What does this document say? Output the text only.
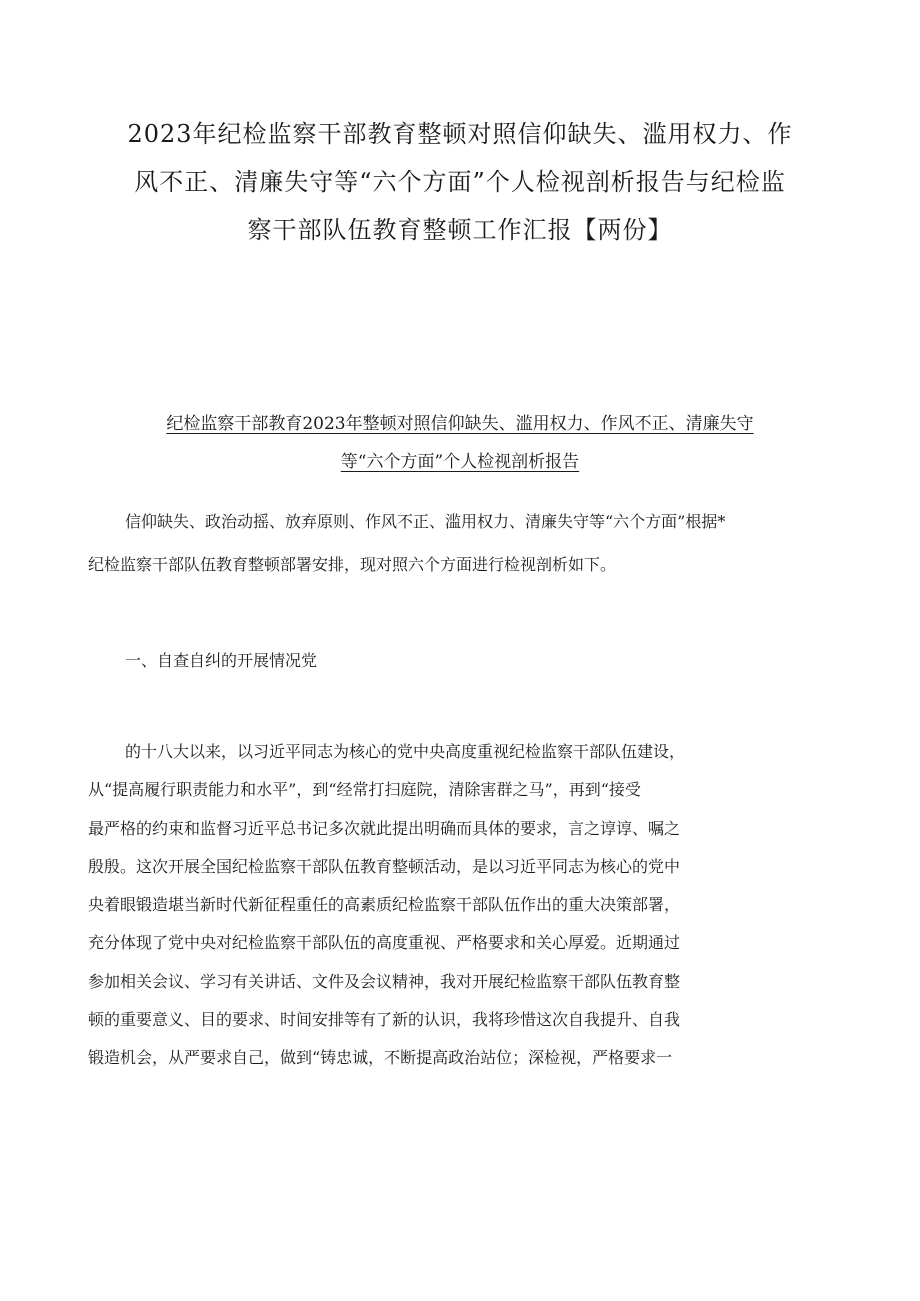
2023年纪检监察干部教育整顿对照信仰缺失、滥用权力、作
风不正、清廉失守等“六个方面”个人检视剖析报告与纪检监
察干部队伍教育整顿工作汇报【两份】
纪检监察干部教育2023年整顿对照信仰缺失、滥用权力、作风不正、清廉失守
等“六个方面”个人检视剖析报告

信仰缺失、政治动摇、放弃原则、作风不正、滥用权力、清廉失守等“六个方面”根据*
纪检监察干部队伍教育整顿部署安排，现对照六个方面进行检视剖析如下。

一、自查自纠的开展情况党

的十八大以来，以习近平同志为核心的党中央高度重视纪检监察干部队伍建设，
从“提高履行职责能力和水平”，到“经常打扫庭院，清除害群之马”，再到“接受
最严格的约束和监督习近平总书记多次就此提出明确而具体的要求，言之谆谆、嘱之
殷殷。这次开展全国纪检监察干部队伍教育整顿活动，是以习近平同志为核心的党中
央着眼锻造堪当新时代新征程重任的高素质纪检监察干部队伍作出的重大决策部署，
充分体现了党中央对纪检监察干部队伍的高度重视、严格要求和关心厚爱。近期通过
参加相关会议、学习有关讲话、文件及会议精神，我对开展纪检监察干部队伍教育整
顿的重要意义、目的要求、时间安排等有了新的认识，我将珍惜这次自我提升、自我
锻造机会，从严要求自己，做到“铸忠诚，不断提高政治站位；深检视，严格要求一
